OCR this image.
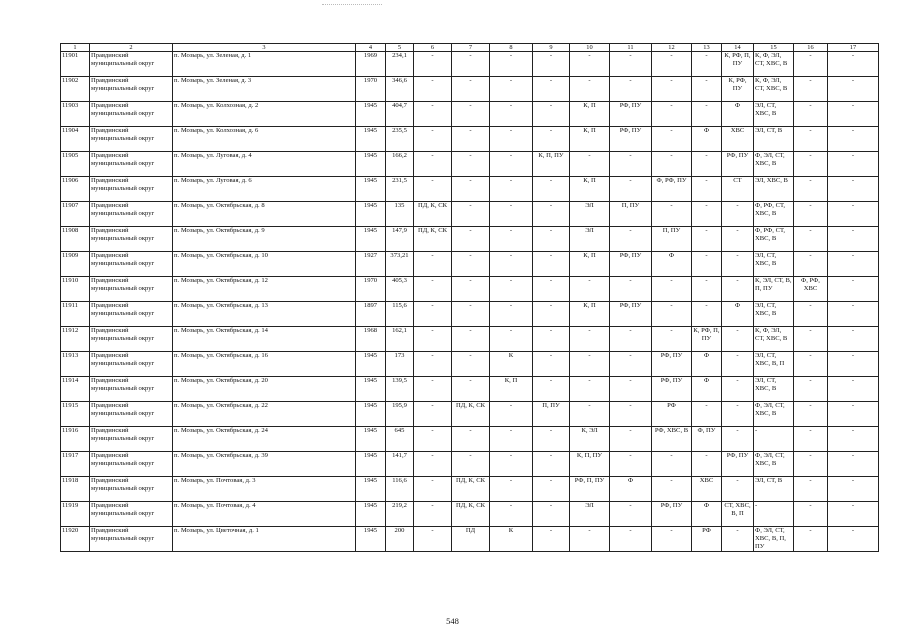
1	2	3	4	5	6	7	8	9	10	11	12	13	14	15	16	17
11901	Правдинский муниципальный округ	п. Мозырь, ул. Зеленая, д. 1	1969	234,1	-	-	-	-	-	-	-	-	К, РФ, П, ПУ	К, Ф, ЭЛ, СТ, ХВС, В	-	-
11902	Правдинский муниципальный округ	п. Мозырь, ул. Зеленая, д. 3	1970	346,6	-	-	-	-	-	-	-	-	К, РФ, ПУ	К, Ф, ЭЛ, СТ, ХВС, В	-	-
11903	Правдинский муниципальный округ	п. Мозырь, ул. Колхозная, д. 2	1945	404,7	-	-	-	-	К, П	РФ, ПУ	-	-	Ф	ЭЛ, СТ, ХВС, В	-	-
11904	Правдинский муниципальный округ	п. Мозырь, ул. Колхозная, д. 6	1945	235,5	-	-	-	-	К, П	РФ, ПУ	-	Ф	ХВС	ЭЛ, СТ, В	-	-
11905	Правдинский муниципальный округ	п. Мозырь, ул. Луговая, д. 4	1945	166,2	-	-	-	К, П, ПУ	-	-	-	-	РФ, ПУ	Ф, ЭЛ, СТ, ХВС, В	-	-
11906	Правдинский муниципальный округ	п. Мозырь, ул. Луговая, д. 6	1945	231,5	-	-	-	-	К, П	-	Ф, РФ, ПУ	-	СТ	ЭЛ, ХВС, В	-	-
11907	Правдинский муниципальный округ	п. Мозырь, ул. Октябрьская, д. 8	1945	135	ПД, К, СК	-	-	-	ЭЛ	П, ПУ	-	-	-	Ф, РФ, СТ, ХВС, В	-	-
11908	Правдинский муниципальный округ	п. Мозырь, ул. Октябрьская, д. 9	1945	147,9	ПД, К, СК	-	-	-	ЭЛ	-	П, ПУ	-	-	Ф, РФ, СТ, ХВС, В	-	-
11909	Правдинский муниципальный округ	п. Мозырь, ул. Октябрьская, д. 10	1927	373,21	-	-	-	-	К, П	РФ, ПУ	Ф	-	-	ЭЛ, СТ, ХВС, В	-	-
11910	Правдинский муниципальный округ	п. Мозырь, ул. Октябрьская, д. 12	1970	405,3	-	-	-	-	-	-	-	-	-	К, ЭЛ, СТ, В, П, ПУ	Ф, РФ, ХВС	-
11911	Правдинский муниципальный округ	п. Мозырь, ул. Октябрьская, д. 13	1897	115,6	-	-	-	-	К, П	РФ, ПУ	-	-	Ф	ЭЛ, СТ, ХВС, В	-	-
11912	Правдинский муниципальный округ	п. Мозырь, ул. Октябрьская, д. 14	1968	162,1	-	-	-	-	-	-	-	К, РФ, П, ПУ	-	К, Ф, ЭЛ, СТ, ХВС, В	-	-
11913	Правдинский муниципальный округ	п. Мозырь, ул. Октябрьская, д. 16	1945	173	-	-	К	-	-	-	РФ, ПУ	Ф	-	ЭЛ, СТ, ХВС, В, П	-	-
11914	Правдинский муниципальный округ	п. Мозырь, ул. Октябрьская, д. 20	1945	139,5	-	-	К, П	-	-	-	РФ, ПУ	Ф	-	ЭЛ, СТ, ХВС, В	-	-
11915	Правдинский муниципальный округ	п. Мозырь, ул. Октябрьская, д. 22	1945	195,9	-	ПД, К, СК	-	П, ПУ	-	-	РФ	-	-	Ф, ЭЛ, СТ, ХВС, В	-	-
11916	Правдинский муниципальный округ	п. Мозырь, ул. Октябрьская, д. 24	1945	645	-	-	-	-	К, ЭЛ	-	РФ, ХВС, В	Ф, ПУ	-	-	-	-
11917	Правдинский муниципальный округ	п. Мозырь, ул. Октябрьская, д. 39	1945	141,7	-	-	-	-	К, П, ПУ	-	-	-	РФ, ПУ	Ф, ЭЛ, СТ, ХВС, В	-	-
11918	Правдинский муниципальный округ	п. Мозырь, ул. Почтовая, д. 3	1945	116,6	-	ПД, К, СК	-	-	РФ, П, ПУ	Ф	-	ХВС	-	ЭЛ, СТ, В	-	-
11919	Правдинский муниципальный округ	п. Мозырь, ул. Почтовая, д. 4	1945	219,2	-	ПД, К, СК	-	-	ЭЛ	-	РФ, ПУ	Ф	СТ, ХВС, В, П	-	-	-
11920	Правдинский муниципальный округ	п. Мозырь, ул. Цветочная, д. 1	1945	200	-	ПД	К	-	-	-	-	РФ	-	Ф, ЭЛ, СТ, ХВС, В, П, ПУ	-	-
548
